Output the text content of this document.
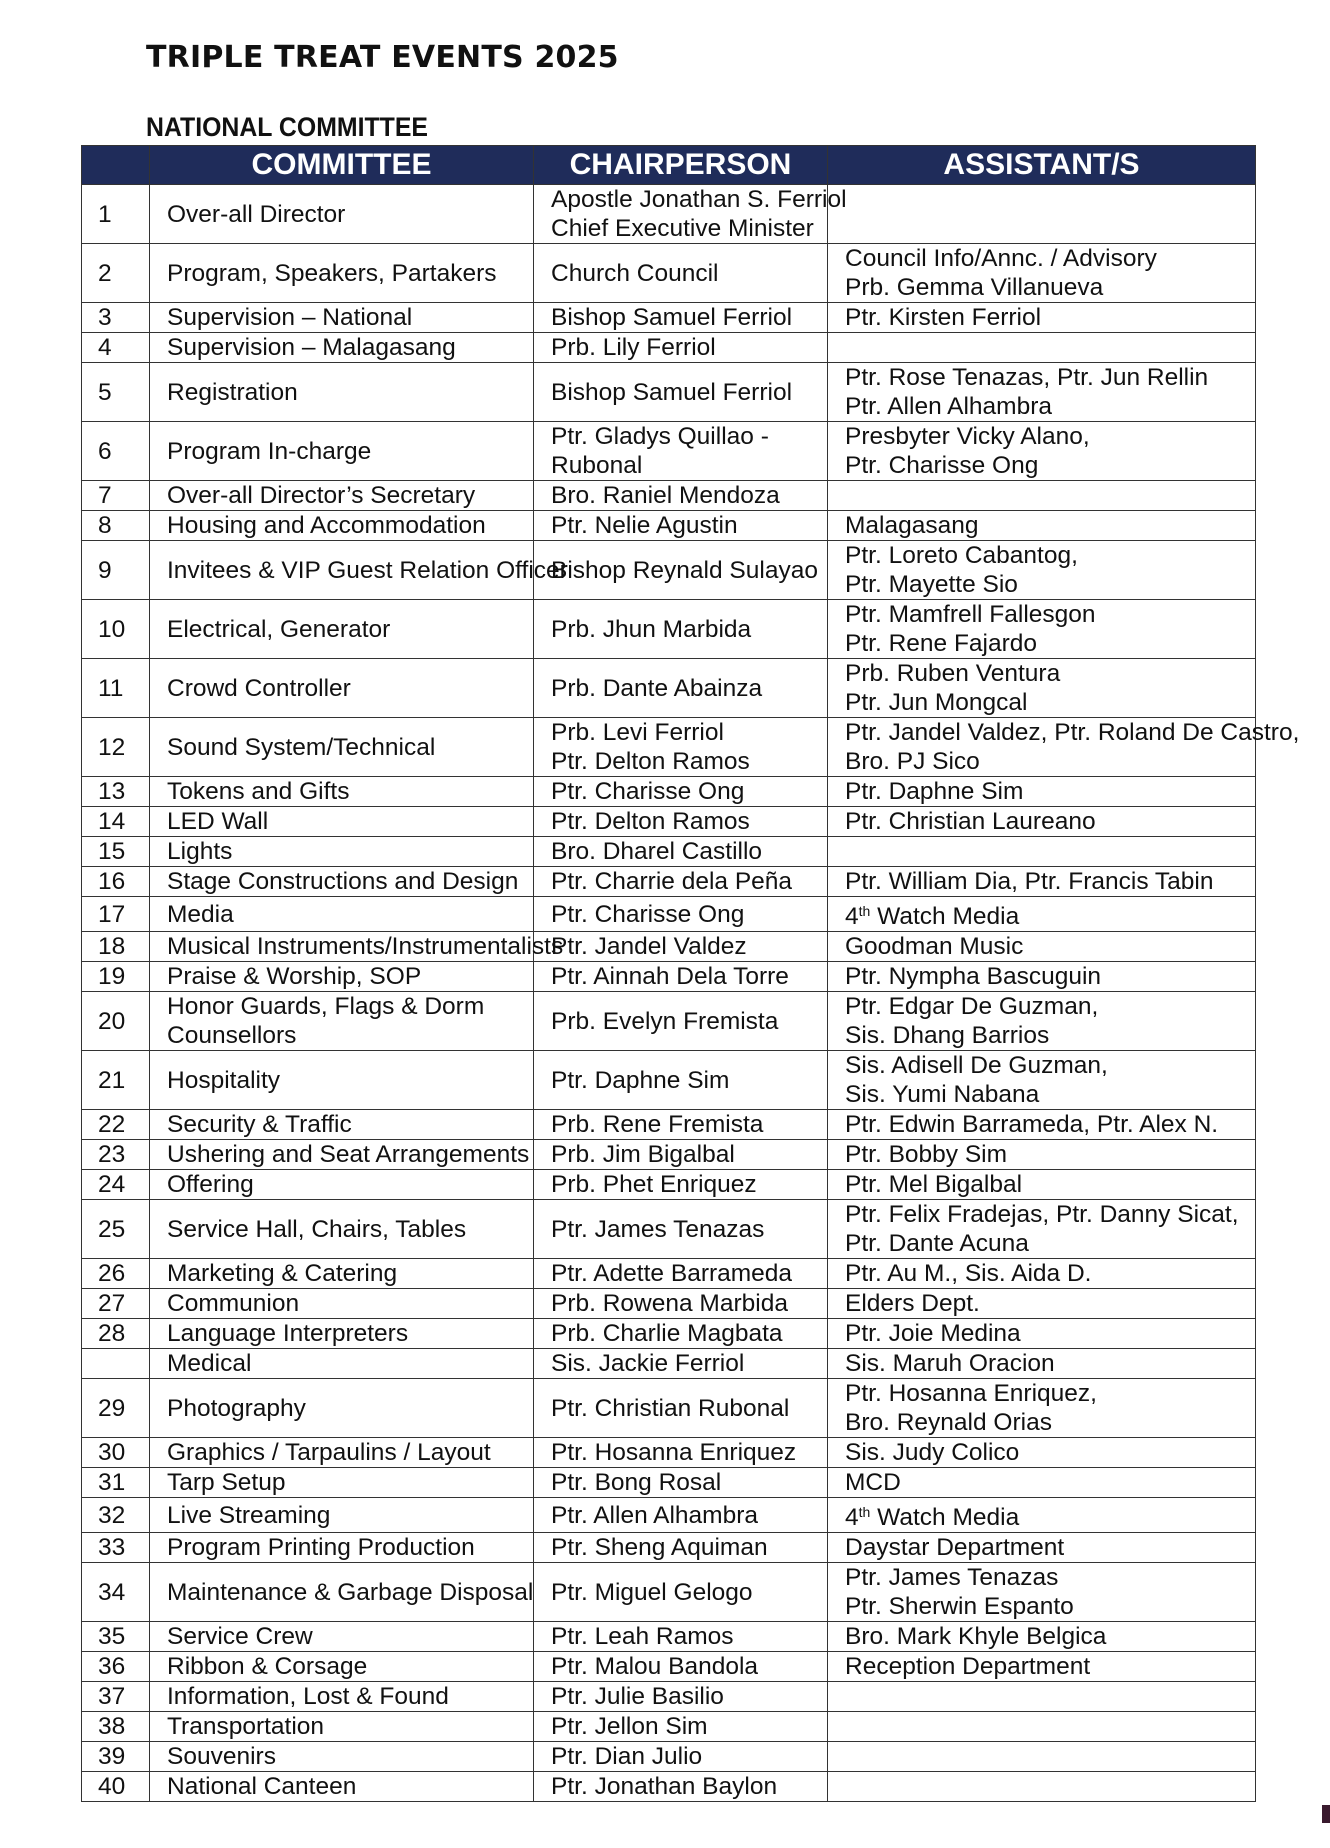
TRIPLE TREAT EVENTS 2025
NATIONAL COMMITTEE
	COMMITTEE	CHAIRPERSON	ASSISTANT/S
1	Over-all Director	Apostle Jonathan S. Ferriol
Chief Executive Minister	

2	Program, Speakers, Partakers	Church Council	Council Info/Annc. / Advisory
Prb. Gemma Villanueva

3	Supervision – National	Bishop Samuel Ferriol	Ptr. Kirsten Ferriol

4	Supervision – Malagasang	Prb. Lily Ferriol	

5	Registration	Bishop Samuel Ferriol	Ptr. Rose Tenazas, Ptr. Jun Rellin
Ptr. Allen Alhambra

6	Program In-charge	Ptr. Gladys Quillao -
Rubonal	Presbyter Vicky Alano,
Ptr. Charisse Ong

7	Over-all Director’s Secretary	Bro. Raniel Mendoza	

8	Housing and Accommodation	Ptr. Nelie Agustin	Malagasang

9	Invitees & VIP Guest Relation Officer	Bishop Reynald Sulayao	Ptr. Loreto Cabantog,
Ptr. Mayette Sio

10	Electrical, Generator	Prb. Jhun Marbida	Ptr. Mamfrell Fallesgon
Ptr. Rene Fajardo

11	Crowd Controller	Prb. Dante Abainza	Prb. Ruben Ventura
Ptr. Jun Mongcal

12	Sound System/Technical	Prb. Levi Ferriol
Ptr. Delton Ramos	Ptr. Jandel Valdez, Ptr. Roland De Castro,
Bro. PJ Sico

13	Tokens and Gifts	Ptr. Charisse Ong	Ptr. Daphne Sim

14	LED Wall	Ptr. Delton Ramos	Ptr. Christian Laureano

15	Lights	Bro. Dharel Castillo	

16	Stage Constructions and Design	Ptr. Charrie dela Peña	Ptr. William Dia, Ptr. Francis Tabin

17	Media	Ptr. Charisse Ong	4th Watch Media

18	Musical Instruments/Instrumentalists	Ptr. Jandel Valdez	Goodman Music

19	Praise & Worship, SOP	Ptr. Ainnah Dela Torre	Ptr. Nympha Bascuguin

20	Honor Guards, Flags & Dorm
Counsellors	Prb. Evelyn Fremista	Ptr. Edgar De Guzman,
Sis. Dhang Barrios

21	Hospitality	Ptr. Daphne Sim	Sis. Adisell De Guzman,
Sis. Yumi Nabana

22	Security & Traffic	Prb. Rene Fremista	Ptr. Edwin Barrameda, Ptr. Alex N.

23	Ushering and Seat Arrangements	Prb. Jim Bigalbal	Ptr. Bobby Sim

24	Offering	Prb. Phet Enriquez	Ptr. Mel Bigalbal

25	Service Hall, Chairs, Tables	Ptr. James Tenazas	Ptr. Felix Fradejas, Ptr. Danny Sicat,
Ptr. Dante Acuna

26	Marketing & Catering	Ptr. Adette Barrameda	Ptr. Au M., Sis. Aida D.

27	Communion	Prb. Rowena Marbida	Elders Dept.

28	Language Interpreters	Prb. Charlie Magbata	Ptr. Joie Medina

	Medical	Sis. Jackie Ferriol	Sis. Maruh Oracion

29	Photography	Ptr. Christian Rubonal	Ptr. Hosanna Enriquez,
Bro. Reynald Orias

30	Graphics / Tarpaulins / Layout	Ptr. Hosanna Enriquez	Sis. Judy Colico

31	Tarp Setup	Ptr. Bong Rosal	MCD

32	Live Streaming	Ptr. Allen Alhambra	4th Watch Media

33	Program Printing Production	Ptr. Sheng Aquiman	Daystar Department

34	Maintenance & Garbage Disposal	Ptr. Miguel Gelogo	Ptr. James Tenazas
Ptr. Sherwin Espanto

35	Service Crew	Ptr. Leah Ramos	Bro. Mark Khyle Belgica

36	Ribbon & Corsage	Ptr. Malou Bandola	Reception Department

37	Information, Lost & Found	Ptr. Julie Basilio	

38	Transportation	Ptr. Jellon Sim	

39	Souvenirs	Ptr. Dian Julio	

40	National Canteen	Ptr. Jonathan Baylon	
